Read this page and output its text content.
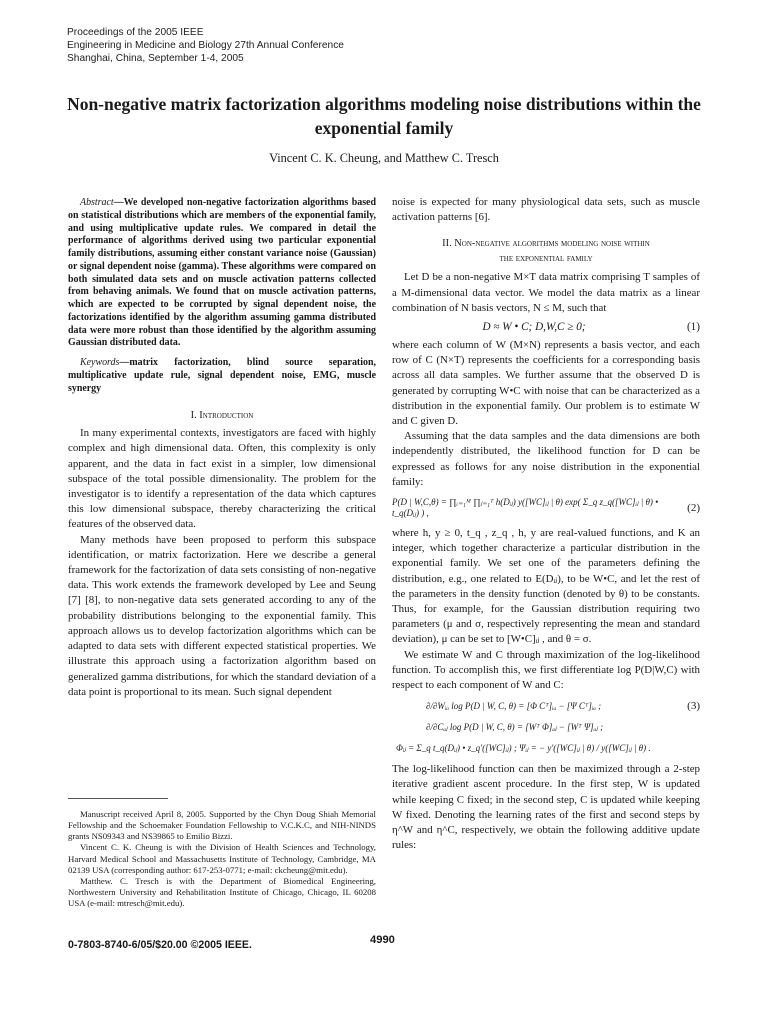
Proceedings of the 2005 IEEE
Engineering in Medicine and Biology 27th Annual Conference
Shanghai, China, September 1-4, 2005
Non-negative matrix factorization algorithms modeling noise distributions within the exponential family
Vincent C. K. Cheung, and Matthew C. Tresch

Abstract—We developed non-negative factorization algorithms based on statistical distributions which are members of the exponential family, and using multiplicative update rules. We compared in detail the performance of algorithms derived using two particular exponential family distributions, assuming either constant variance noise (Gaussian) or signal dependent noise (gamma). These algorithms were compared on both simulated data sets and on muscle activation patterns collected from behaving animals. We found that on muscle activation patterns, which are expected to be corrupted by signal dependent noise, the factorizations identified by the algorithm assuming gamma distributed data were more robust than those identified by the algorithm assuming Gaussian distributed data.

Keywords—matrix factorization, blind source separation, multiplicative update rule, signal dependent noise, EMG, muscle synergy

I. Introduction

In many experimental contexts, investigators are faced with highly complex and high dimensional data. Often, this complexity is only apparent, and the data in fact exist in a simpler, low dimensional subspace of the total possible dimensionality. The problem for the investigator is to identify a representation of the data which captures this low dimensional subspace, thereby characterizing the critical features of the observed data.

Many methods have been proposed to perform this subspace identification, or matrix factorization. Here we describe a general framework for the factorization of data sets consisting of non-negative data. This work extends the framework developed by Lee and Seung [7] [8], to non-negative data sets generated according to any of the probability distributions belonging to the exponential family. This approach allows us to develop factorization algorithms which can be adapted to data sets with different expected statistical properties. We illustrate this approach using a factorization algorithm based on generalized gamma distributions, for which the standard deviation of a data point is proportional to its mean. Such signal dependent

Manuscript received April 8, 2005. Supported by the Chyn Doug Shiah Memorial Fellowship and the Schoemaker Foundation Fellowship to V.C.K.C, and NIH-NINDS grants NS09343 and NS39865 to Emilio Bizzi.

Vincent C. K. Cheung is with the Division of Health Sciences and Technology, Harvard Medical School and Massachusetts Institute of Technology, Cambridge, MA 02139 USA (corresponding author: 617-253-0771; e-mail: ckcheung@mit.edu).

Matthew. C. Tresch is with the Department of Biomedical Engineering, Northwestern University and Rehabilitation Institute of Chicago, Chicago, IL 60208 USA (e-mail: mtresch@mit.edu).

noise is expected for many physiological data sets, such as muscle activation patterns [6].

II. Non-negative algorithms modeling noise within
the exponential family

Let D be a non-negative M×T data matrix comprising T samples of a M-dimensional data vector. We model the data matrix as a linear combination of N basis vectors, N ≤ M, such that

D ≈ W • C; D,W,C ≥ 0;	(1)

where each column of W (M×N) represents a basis vector, and each row of C (N×T) represents the coefficients for a corresponding basis across all data samples. We further assume that the observed D is generated by corrupting W•C with noise that can be characterized as a distribution in the exponential family. Our problem is to estimate W and C given D.

Assuming that the data samples and the data dimensions are both independently distributed, the likelihood function for D can be expressed as follows for any noise distribution in the exponential family:

P(D | W,C,θ) = ∏ᵢ₌₁ᴹ ∏ⱼ₌₁ᵀ h(Dᵢⱼ) y([WC]ᵢⱼ | θ) exp( Σ_q z_q([WC]ᵢⱼ | θ) • t_q(Dᵢⱼ) ) ,	(2)

where h, y ≥ 0, t_q , z_q , h, y are real-valued functions, and K an integer, which together characterize a particular distribution in the exponential family. We set one of the parameters defining the distribution, e.g., one related to E(Dᵢⱼ), to be W•C, and let the rest of the parameters in the density function (denoted by θ) to be constants. Thus, for example, for the Gaussian distribution requiring two parameters (μ and σ, respectively representing the mean and standard deviation), μ can be set to [W•C]ᵢⱼ , and θ = σ.

We estimate W and C through maximization of the log-likelihood function. To accomplish this, we first differentiate log P(D|W,C) with respect to each component of W and C:

∂/∂Wᵢₐ log P(D | W, C, θ) = [Φ Cᵀ]ᵢₐ − [Ψ Cᵀ]ᵢₐ ;	(3)
∂/∂Cₐⱼ log P(D | W, C, θ) = [Wᵀ Φ]ₐⱼ − [Wᵀ Ψ]ₐⱼ ;
Φᵢⱼ = Σ_q t_q(Dᵢⱼ) • z_q′([WC]ᵢⱼ) ; Ψᵢⱼ = − y′([WC]ᵢⱼ | θ) / y([WC]ᵢⱼ | θ) .

The log-likelihood function can then be maximized through a 2-step iterative gradient ascent procedure. In the first step, W is updated while keeping C fixed; in the second step, C is updated while keeping W fixed. Denoting the learning rates of the first and second steps by η^W and η^C, respectively, we obtain the following additive update rules:

0-7803-8740-6/05/$20.00 ©2005 IEEE.	4990
